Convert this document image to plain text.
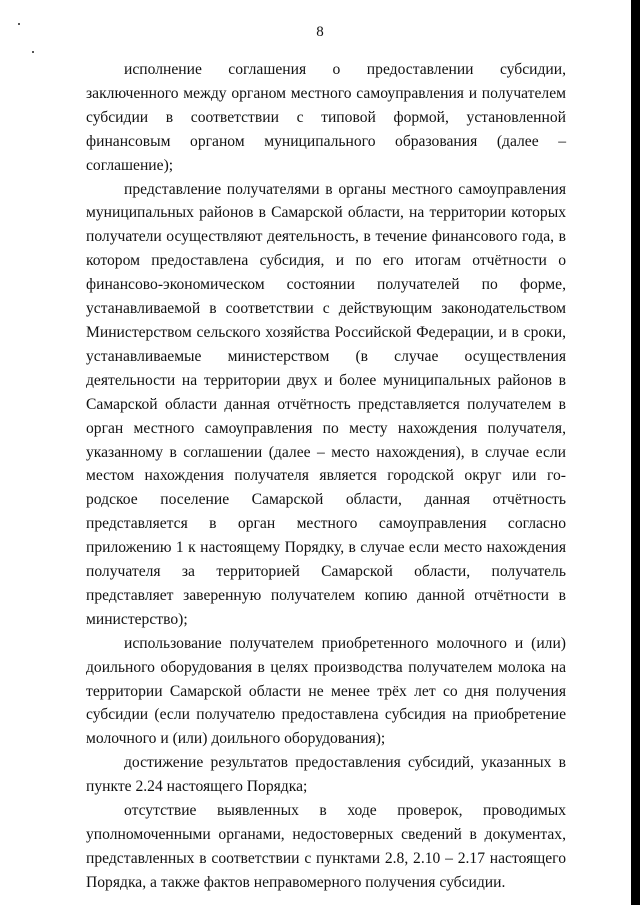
8

исполнение соглашения о предоставлении субсидии, заключенного между органом местного самоуправления и получателем субсидии в соответствии с типовой формой, установленной финансовым органом муниципального образования (далее – соглашение);

представление получателями в органы местного самоуправления муниципальных районов в Самарской области, на территории которых получатели осуществляют деятельность, в течение финансового года, в котором предоставлена субсидия, и по его итогам отчётности о финансово-экономическом состоянии получателей по форме, устанавливаемой в соответствии с действующим законодательством Министерством сельского хозяйства Российской Федерации, и в сроки, устанавливаемые министерством (в случае осуществления деятельности на территории двух и более муниципальных районов в Самарской области данная отчётность представляется получателем в орган местного самоуправления по месту нахождения получателя, указанному в соглашении (далее – место нахождения), в случае если местом нахождения получателя является городской округ или городское поселение Самарской области, данная отчётность представляется в орган местного самоуправления согласно приложению 1 к настоящему Порядку, в случае если место нахождения получателя за территорией Самарской области, получатель представляет заверенную получателем копию данной отчётности в министерство);

использование получателем приобретенного молочного и (или) доильного оборудования в целях производства получателем молока на территории Самарской области не менее трёх лет со дня получения субсидии (если получателю предоставлена субсидия на приобретение молочного и (или) доильного оборудования);

достижение результатов предоставления субсидий, указанных в пункте 2.24 настоящего Порядка;

отсутствие выявленных в ходе проверок, проводимых уполномоченными органами, недостоверных сведений в документах, представленных в соответствии с пунктами 2.8, 2.10 – 2.17 настоящего Порядка, а также фактов неправомерного получения субсидии.
